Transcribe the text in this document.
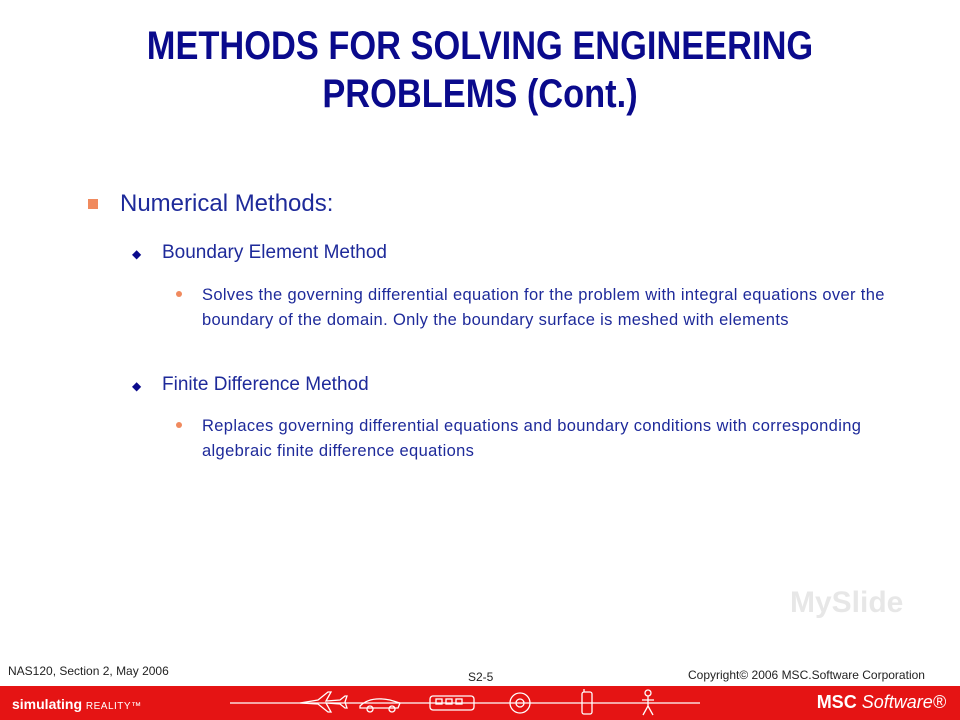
METHODS FOR SOLVING ENGINEERING
PROBLEMS (Cont.)
Numerical Methods:
◆ Boundary Element Method
Solves the governing differential equation for the problem with integral equations over the boundary of the domain. Only the boundary surface is meshed with elements
◆ Finite Difference Method
Replaces governing differential equations and boundary conditions with corresponding algebraic finite difference equations
MySlide
NAS120, Section 2, May 2006	S2-5	Copyright© 2006 MSC.Software Corporation
simulating REALITY™	MSC Software®
